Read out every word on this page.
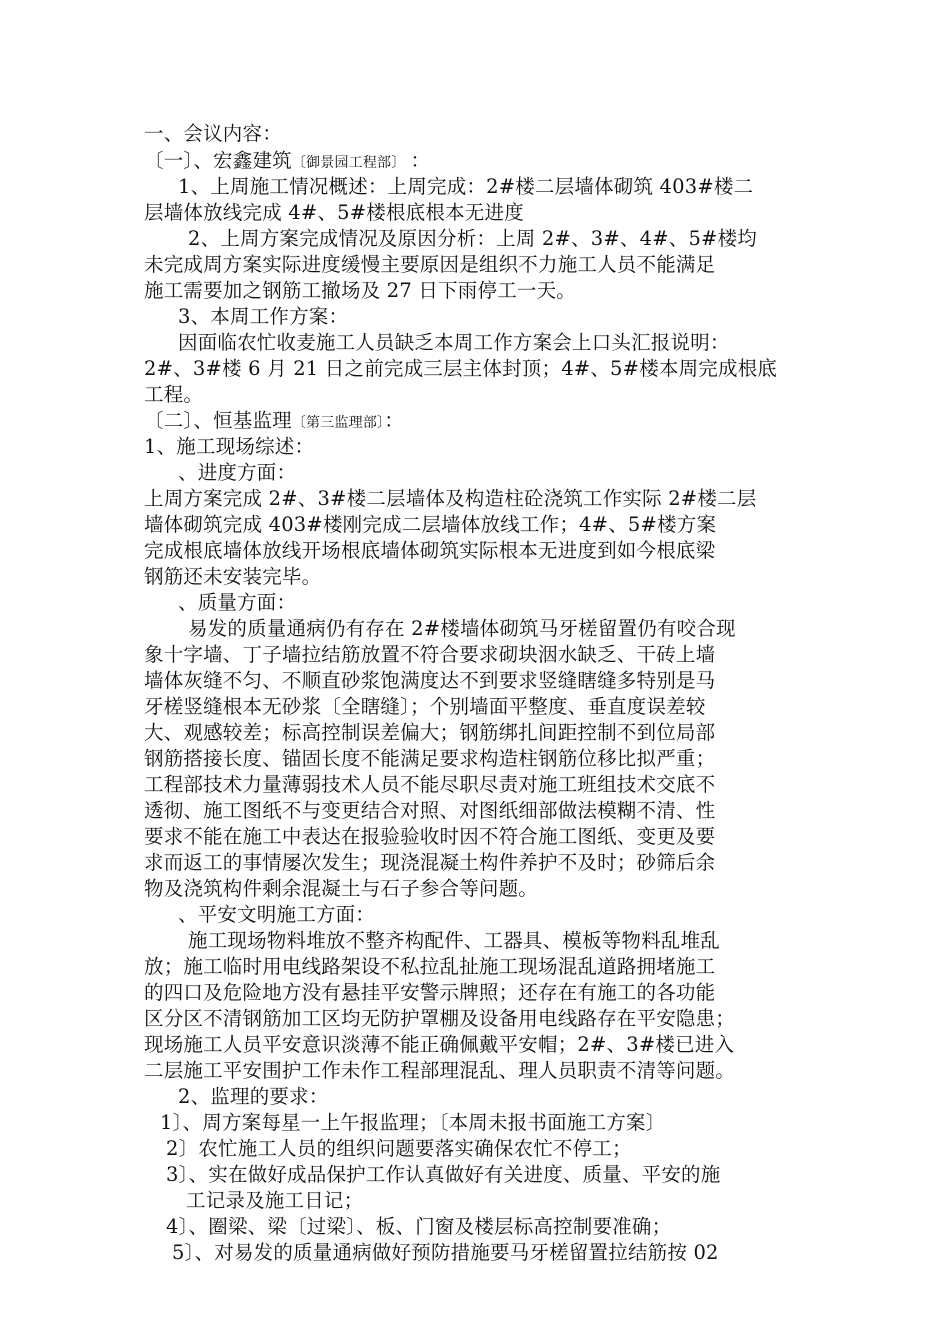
一、会议内容：
〔一〕、宏鑫建筑〔御景园工程部〕 ：
1、上周施工情况概述：上周完成：2#楼二层墙体砌筑 403#楼二
层墙体放线完成 4#、5#楼根底根本无进度
2、上周方案完成情况及原因分析：上周 2#、3#、4#、5#楼均
未完成周方案实际进度缓慢主要原因是组织不力施工人员不能满足
施工需要加之钢筋工撤场及 27 日下雨停工一天。
3、本周工作方案：
因面临农忙收麦施工人员缺乏本周工作方案会上口头汇报说明：
2#、3#楼 6 月 21 日之前完成三层主体封顶；4#、5#楼本周完成根底
工程。
〔二〕、恒基监理〔第三监理部〕：
1、施工现场综述：
、进度方面：
上周方案完成 2#、3#楼二层墙体及构造柱砼浇筑工作实际 2#楼二层
墙体砌筑完成 403#楼刚完成二层墙体放线工作；4#、5#楼方案
完成根底墙体放线开场根底墙体砌筑实际根本无进度到如今根底梁
钢筋还未安装完毕。
、质量方面：
易发的质量通病仍有存在 2#楼墙体砌筑马牙槎留置仍有咬合现
象十字墙、丁子墙拉结筋放置不符合要求砌块洇水缺乏、干砖上墙
墙体灰缝不匀、不顺直砂浆饱满度达不到要求竖缝瞎缝多特别是马
牙槎竖缝根本无砂浆〔全瞎缝〕；个别墙面平整度、垂直度误差较
大、观感较差；标高控制误差偏大；钢筋绑扎间距控制不到位局部
钢筋搭接长度、锚固长度不能满足要求构造柱钢筋位移比拟严重；
工程部技术力量薄弱技术人员不能尽职尽责对施工班组技术交底不
透彻、施工图纸不与变更结合对照、对图纸细部做法模糊不清、性
要求不能在施工中表达在报验验收时因不符合施工图纸、变更及要
求而返工的事情屡次发生；现浇混凝土构件养护不及时；砂筛后余
物及浇筑构件剩余混凝土与石子参合等问题。
、平安文明施工方面：
施工现场物料堆放不整齐构配件、工器具、模板等物料乱堆乱
放；施工临时用电线路架设不私拉乱扯施工现场混乱道路拥堵施工
的四口及危险地方没有悬挂平安警示牌照；还存在有施工的各功能
区分区不清钢筋加工区均无防护罩棚及设备用电线路存在平安隐患；
现场施工人员平安意识淡薄不能正确佩戴平安帽；2#、3#楼已进入
二层施工平安围护工作未作工程部理混乱、理人员职责不清等问题。
2、监理的要求：
1〕、周方案每星一上午报监理；〔本周未报书面施工方案〕
2〕农忙施工人员的组织问题要落实确保农忙不停工；
3〕、实在做好成品保护工作认真做好有关进度、质量、平安的施
工记录及施工日记；
4〕、圈梁、梁〔过梁〕、板、门窗及楼层标高控制要准确；
5〕、对易发的质量通病做好预防措施要马牙槎留置拉结筋按 02
